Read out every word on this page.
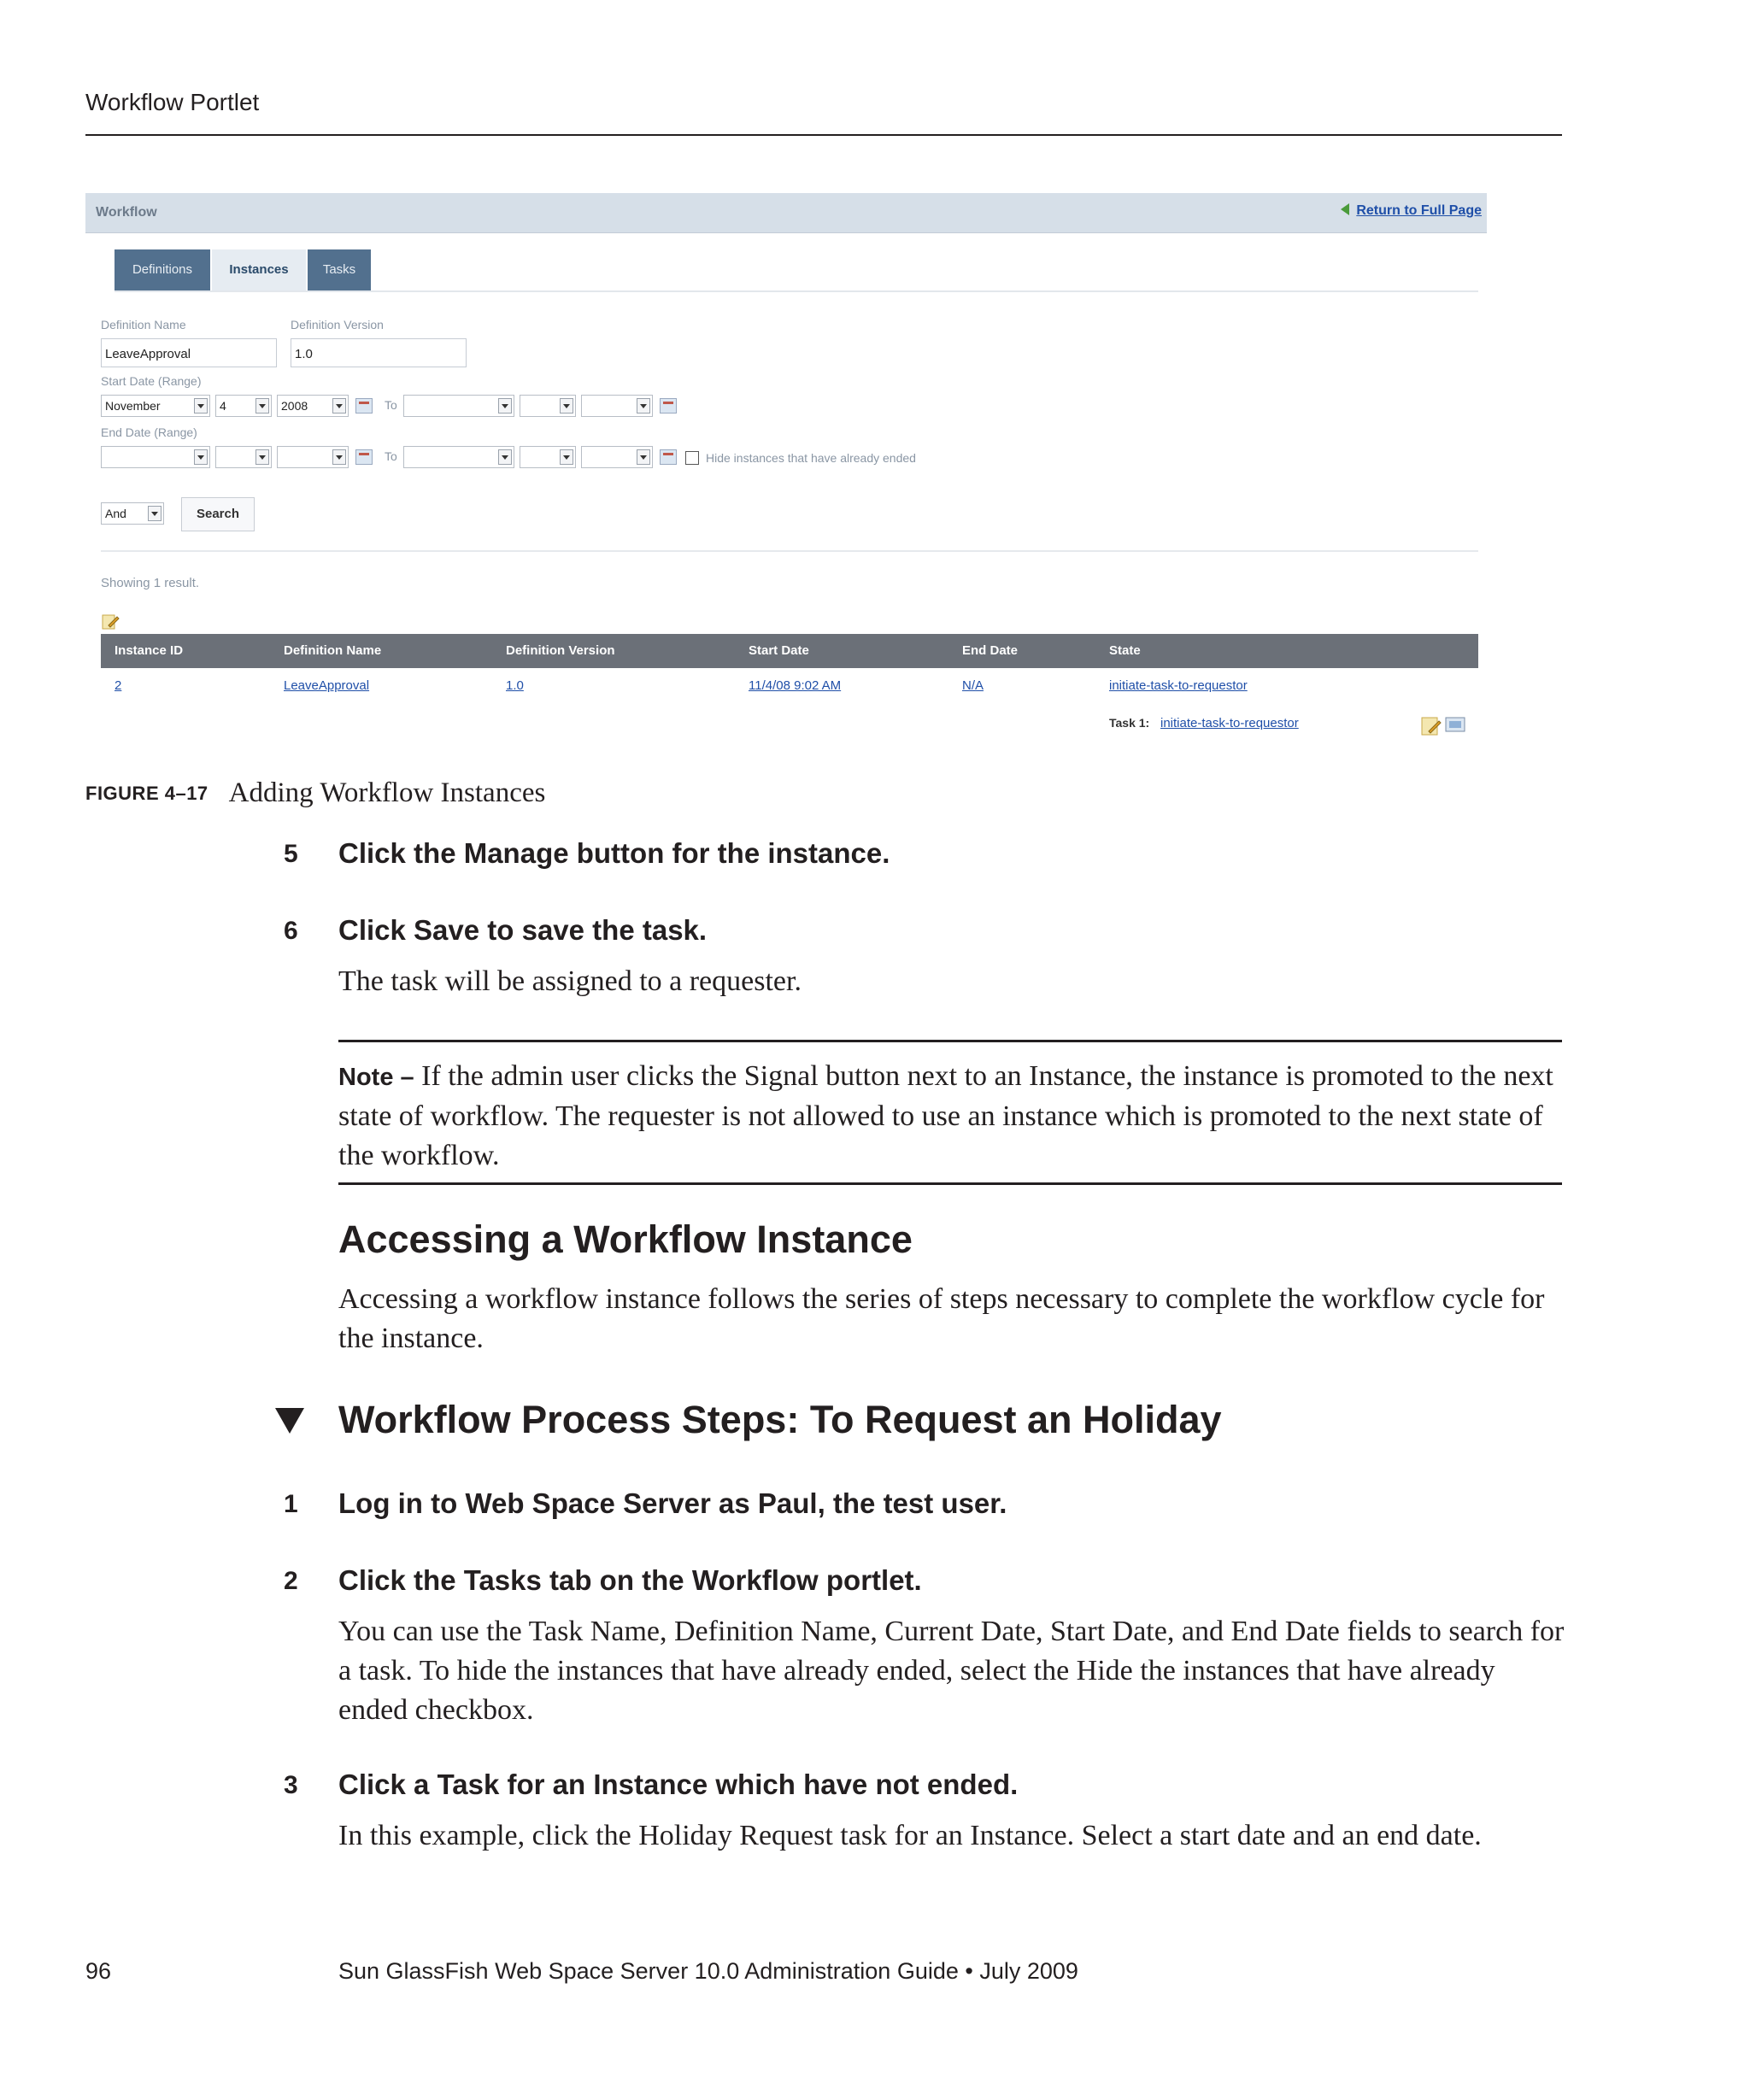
Workflow Portlet
Workflow	Return to Full Page
Definitions	Instances	Tasks
Definition Name	Definition Version
LeaveApproval	1.0
Start Date (Range)
November	4	2008	To
End Date (Range)
To	Hide instances that have already ended
And	Search
Showing 1 result.
Instance ID	Definition Name	Definition Version	Start Date	End Date	State
2	LeaveApproval	1.0	11/4/08 9:02 AM	N/A	initiate-task-to-requestor
Task 1: initiate-task-to-requestor
FIGURE 4–17 Adding Workflow Instances
5 Click the Manage button for the instance.
6 Click Save to save the task.

The task will be assigned to a requester.

Note – If the admin user clicks the Signal button next to an Instance, the instance is promoted to the next state of workflow. The requester is not allowed to use an instance which is promoted to the next state of the workflow.

Accessing a Workflow Instance

Accessing a workflow instance follows the series of steps necessary to complete the workflow cycle for the instance.

Workflow Process Steps: To Request an Holiday
1 Log in to Web Space Server as Paul, the test user.
2 Click the Tasks tab on the Workflow portlet.

You can use the Task Name, Definition Name, Current Date, Start Date, and End Date fields to search for a task. To hide the instances that have already ended, select the Hide the instances that have already ended checkbox.

3 Click a Task for an Instance which have not ended.

In this example, click the Holiday Request task for an Instance. Select a start date and an end date.

96	Sun GlassFish Web Space Server 10.0 Administration Guide • July 2009
